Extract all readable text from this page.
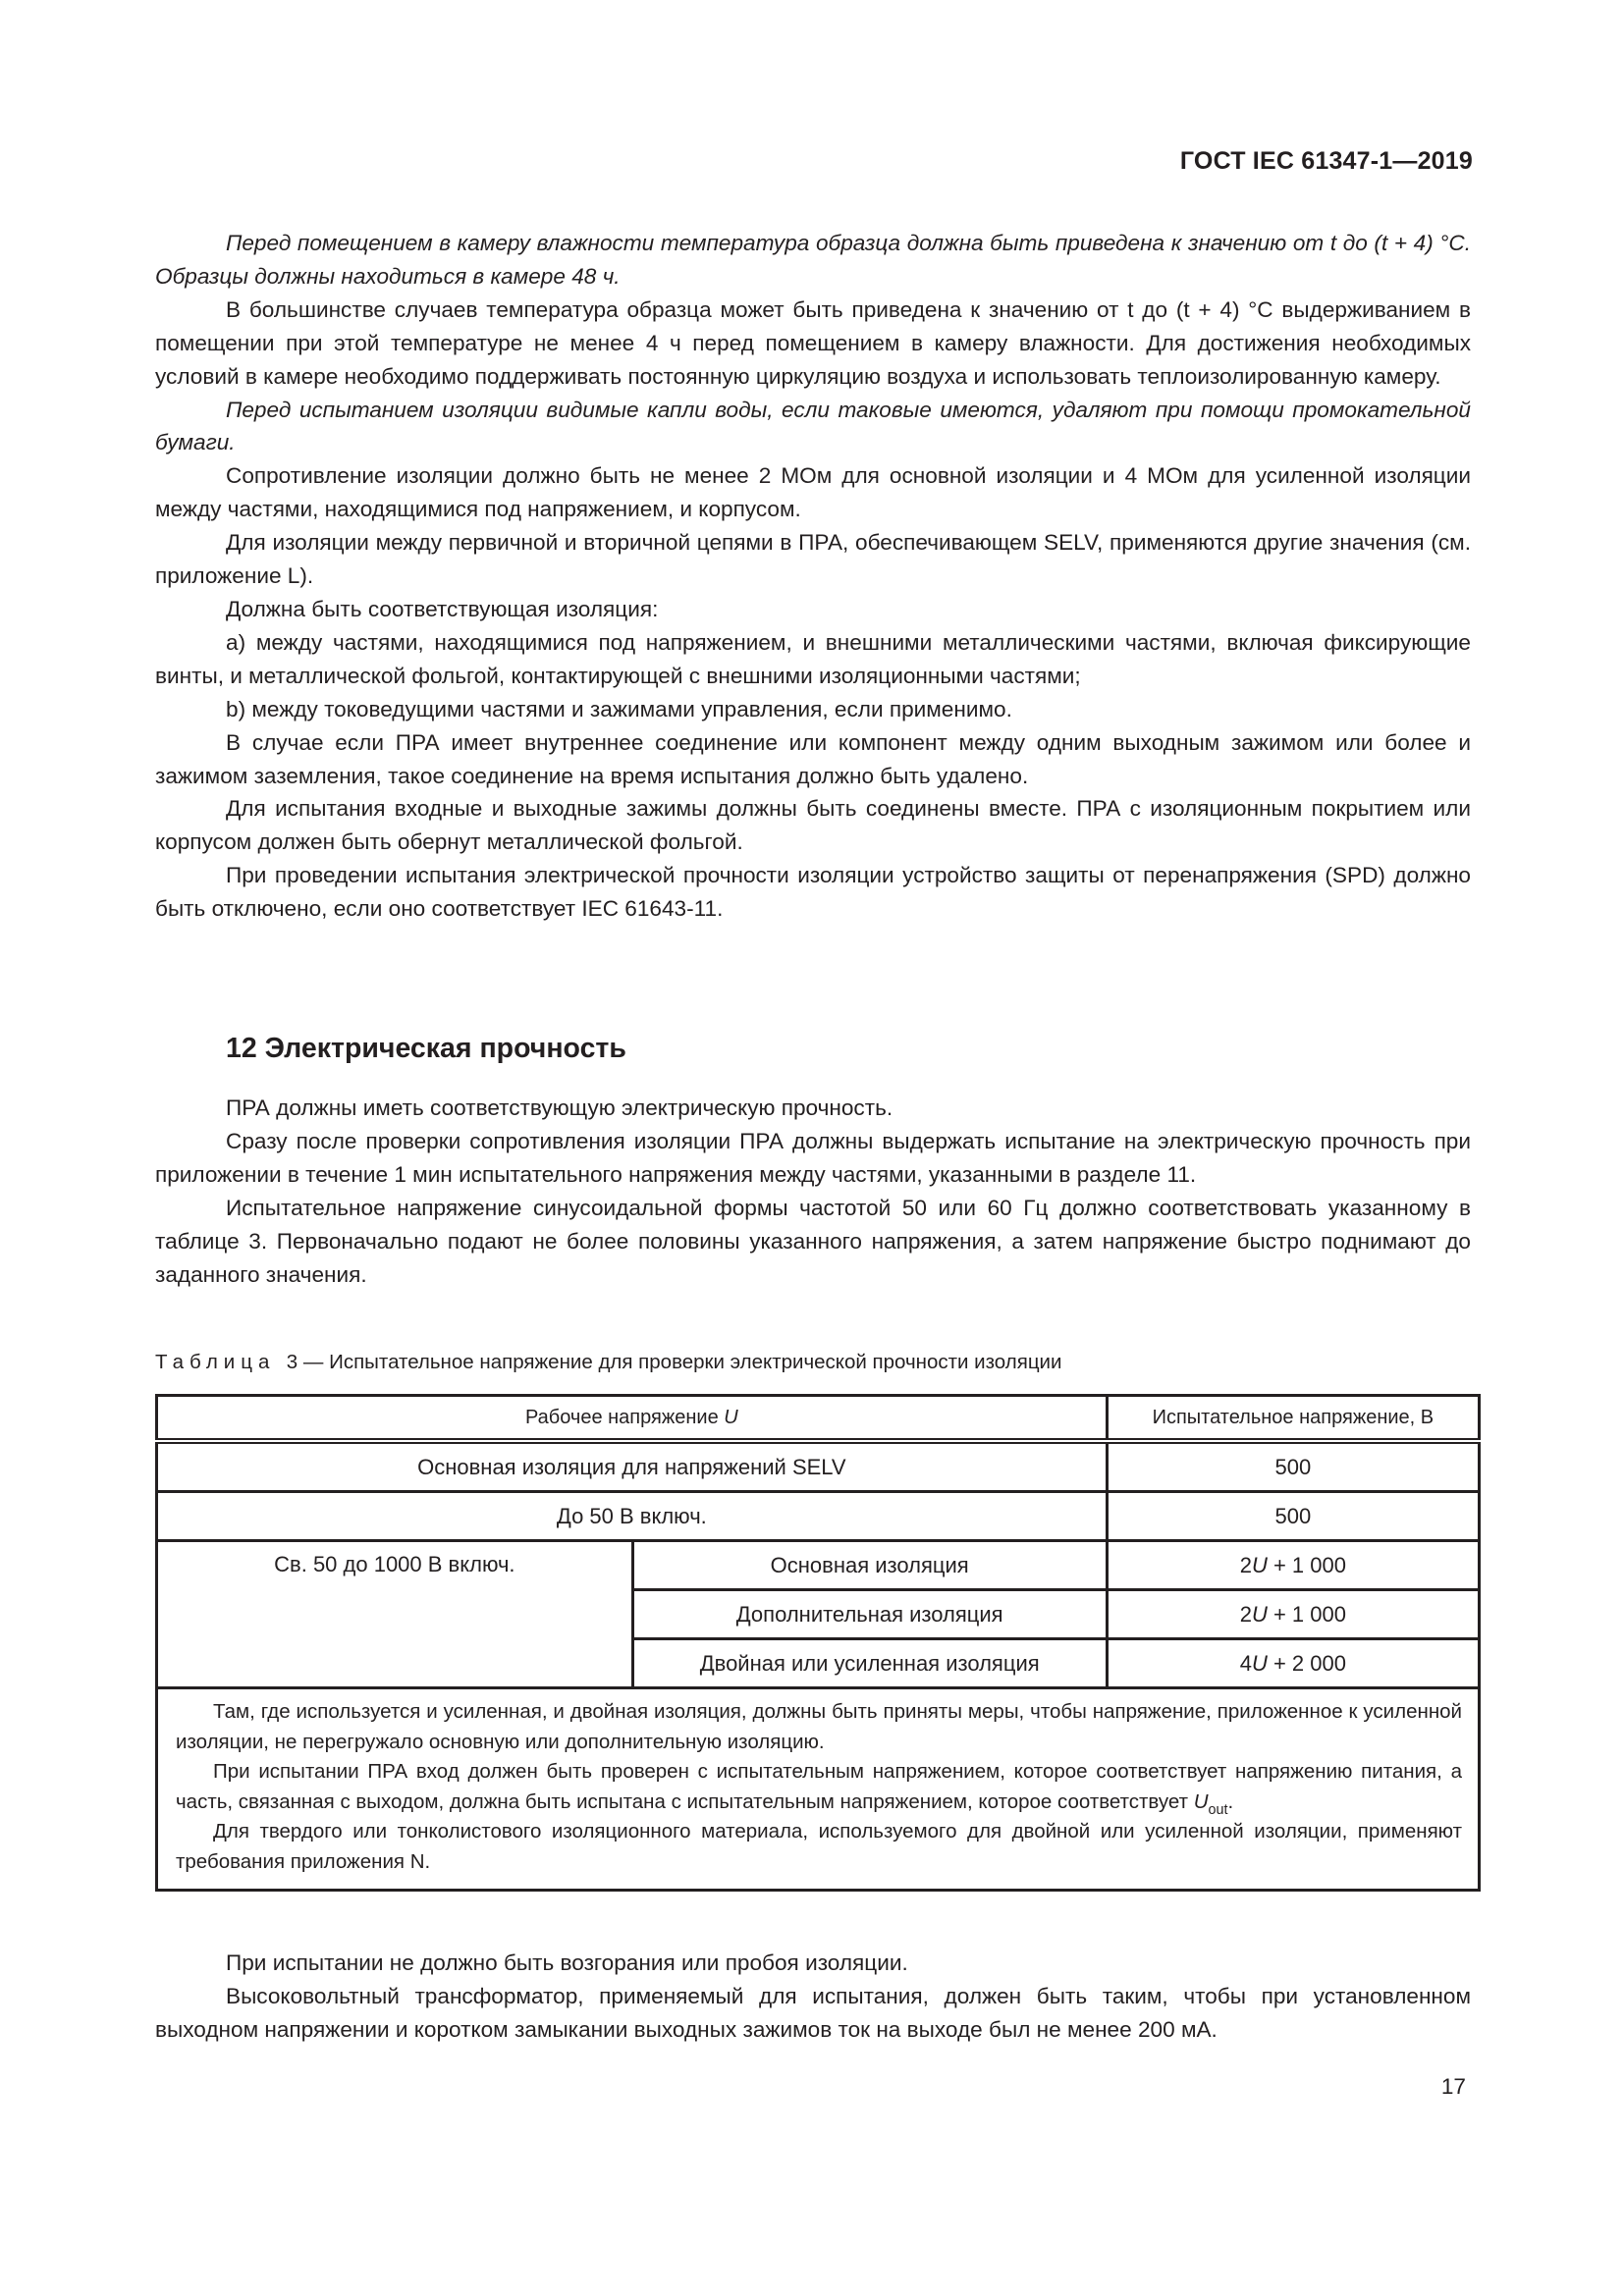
ГОСТ IEC 61347-1—2019

Перед помещением в камеру влажности температура образца должна быть приведена к значению от t до (t + 4) °С. Образцы должны находиться в камере 48 ч.

В большинстве случаев температура образца может быть приведена к значению от t до (t + 4) °С выдерживанием в помещении при этой температуре не менее 4 ч перед помещением в камеру влажности. Для достижения необходимых условий в камере необходимо поддерживать постоянную циркуляцию воздуха и использовать теплоизолированную камеру.

Перед испытанием изоляции видимые капли воды, если таковые имеются, удаляют при помощи промокательной бумаги.

Сопротивление изоляции должно быть не менее 2 МОм для основной изоляции и 4 МОм для усиленной изоляции между частями, находящимися под напряжением, и корпусом.

Для изоляции между первичной и вторичной цепями в ПРА, обеспечивающем SELV, применяются другие значения (см. приложение L).

Должна быть соответствующая изоляция:

a) между частями, находящимися под напряжением, и внешними металлическими частями, включая фиксирующие винты, и металлической фольгой, контактирующей с внешними изоляционными частями;

b) между токоведущими частями и зажимами управления, если применимо.

В случае если ПРА имеет внутреннее соединение или компонент между одним выходным зажимом или более и зажимом заземления, такое соединение на время испытания должно быть удалено.

Для испытания входные и выходные зажимы должны быть соединены вместе. ПРА с изоляционным покрытием или корпусом должен быть обернут металлической фольгой.

При проведении испытания электрической прочности изоляции устройство защиты от перенапряжения (SPD) должно быть отключено, если оно соответствует IEC 61643-11.

12 Электрическая прочность

ПРА должны иметь соответствующую электрическую прочность.

Сразу после проверки сопротивления изоляции ПРА должны выдержать испытание на электрическую прочность при приложении в течение 1 мин испытательного напряжения между частями, указанными в разделе 11.

Испытательное напряжение синусоидальной формы частотой 50 или 60 Гц должно соответствовать указанному в таблице 3. Первоначально подают не более половины указанного напряжения, а затем напряжение быстро поднимают до заданного значения.

Таблица 3 — Испытательное напряжение для проверки электрической прочности изоляции
Рабочее напряжение U		Испытательное напряжение, В
Основная изоляция для напряжений SELV		500
До 50 В включ.		500
Св. 50 до 1000 В включ.	Основная изоляция	2U + 1 000
	Дополнительная изоляция	2U + 1 000
	Двойная или усиленная изоляция	4U + 2 000

Там, где используется и усиленная, и двойная изоляция, должны быть приняты меры, чтобы напряжение, приложенное к усиленной изоляции, не перегружало основную или дополнительную изоляцию.

При испытании ПРА вход должен быть проверен с испытательным напряжением, которое соответствует напряжению питания, а часть, связанная с выходом, должна быть испытана с испытательным напряжением, которое соответствует $U_{out}$.

Для твердого или тонколистового изоляционного материала, используемого для двойной или усиленной изоляции, применяют требования приложения N.		

При испытании не должно быть возгорания или пробоя изоляции.

Высоковольтный трансформатор, применяемый для испытания, должен быть таким, чтобы при установленном выходном напряжении и коротком замыкании выходных зажимов ток на выходе был не менее 200 мА.

17
